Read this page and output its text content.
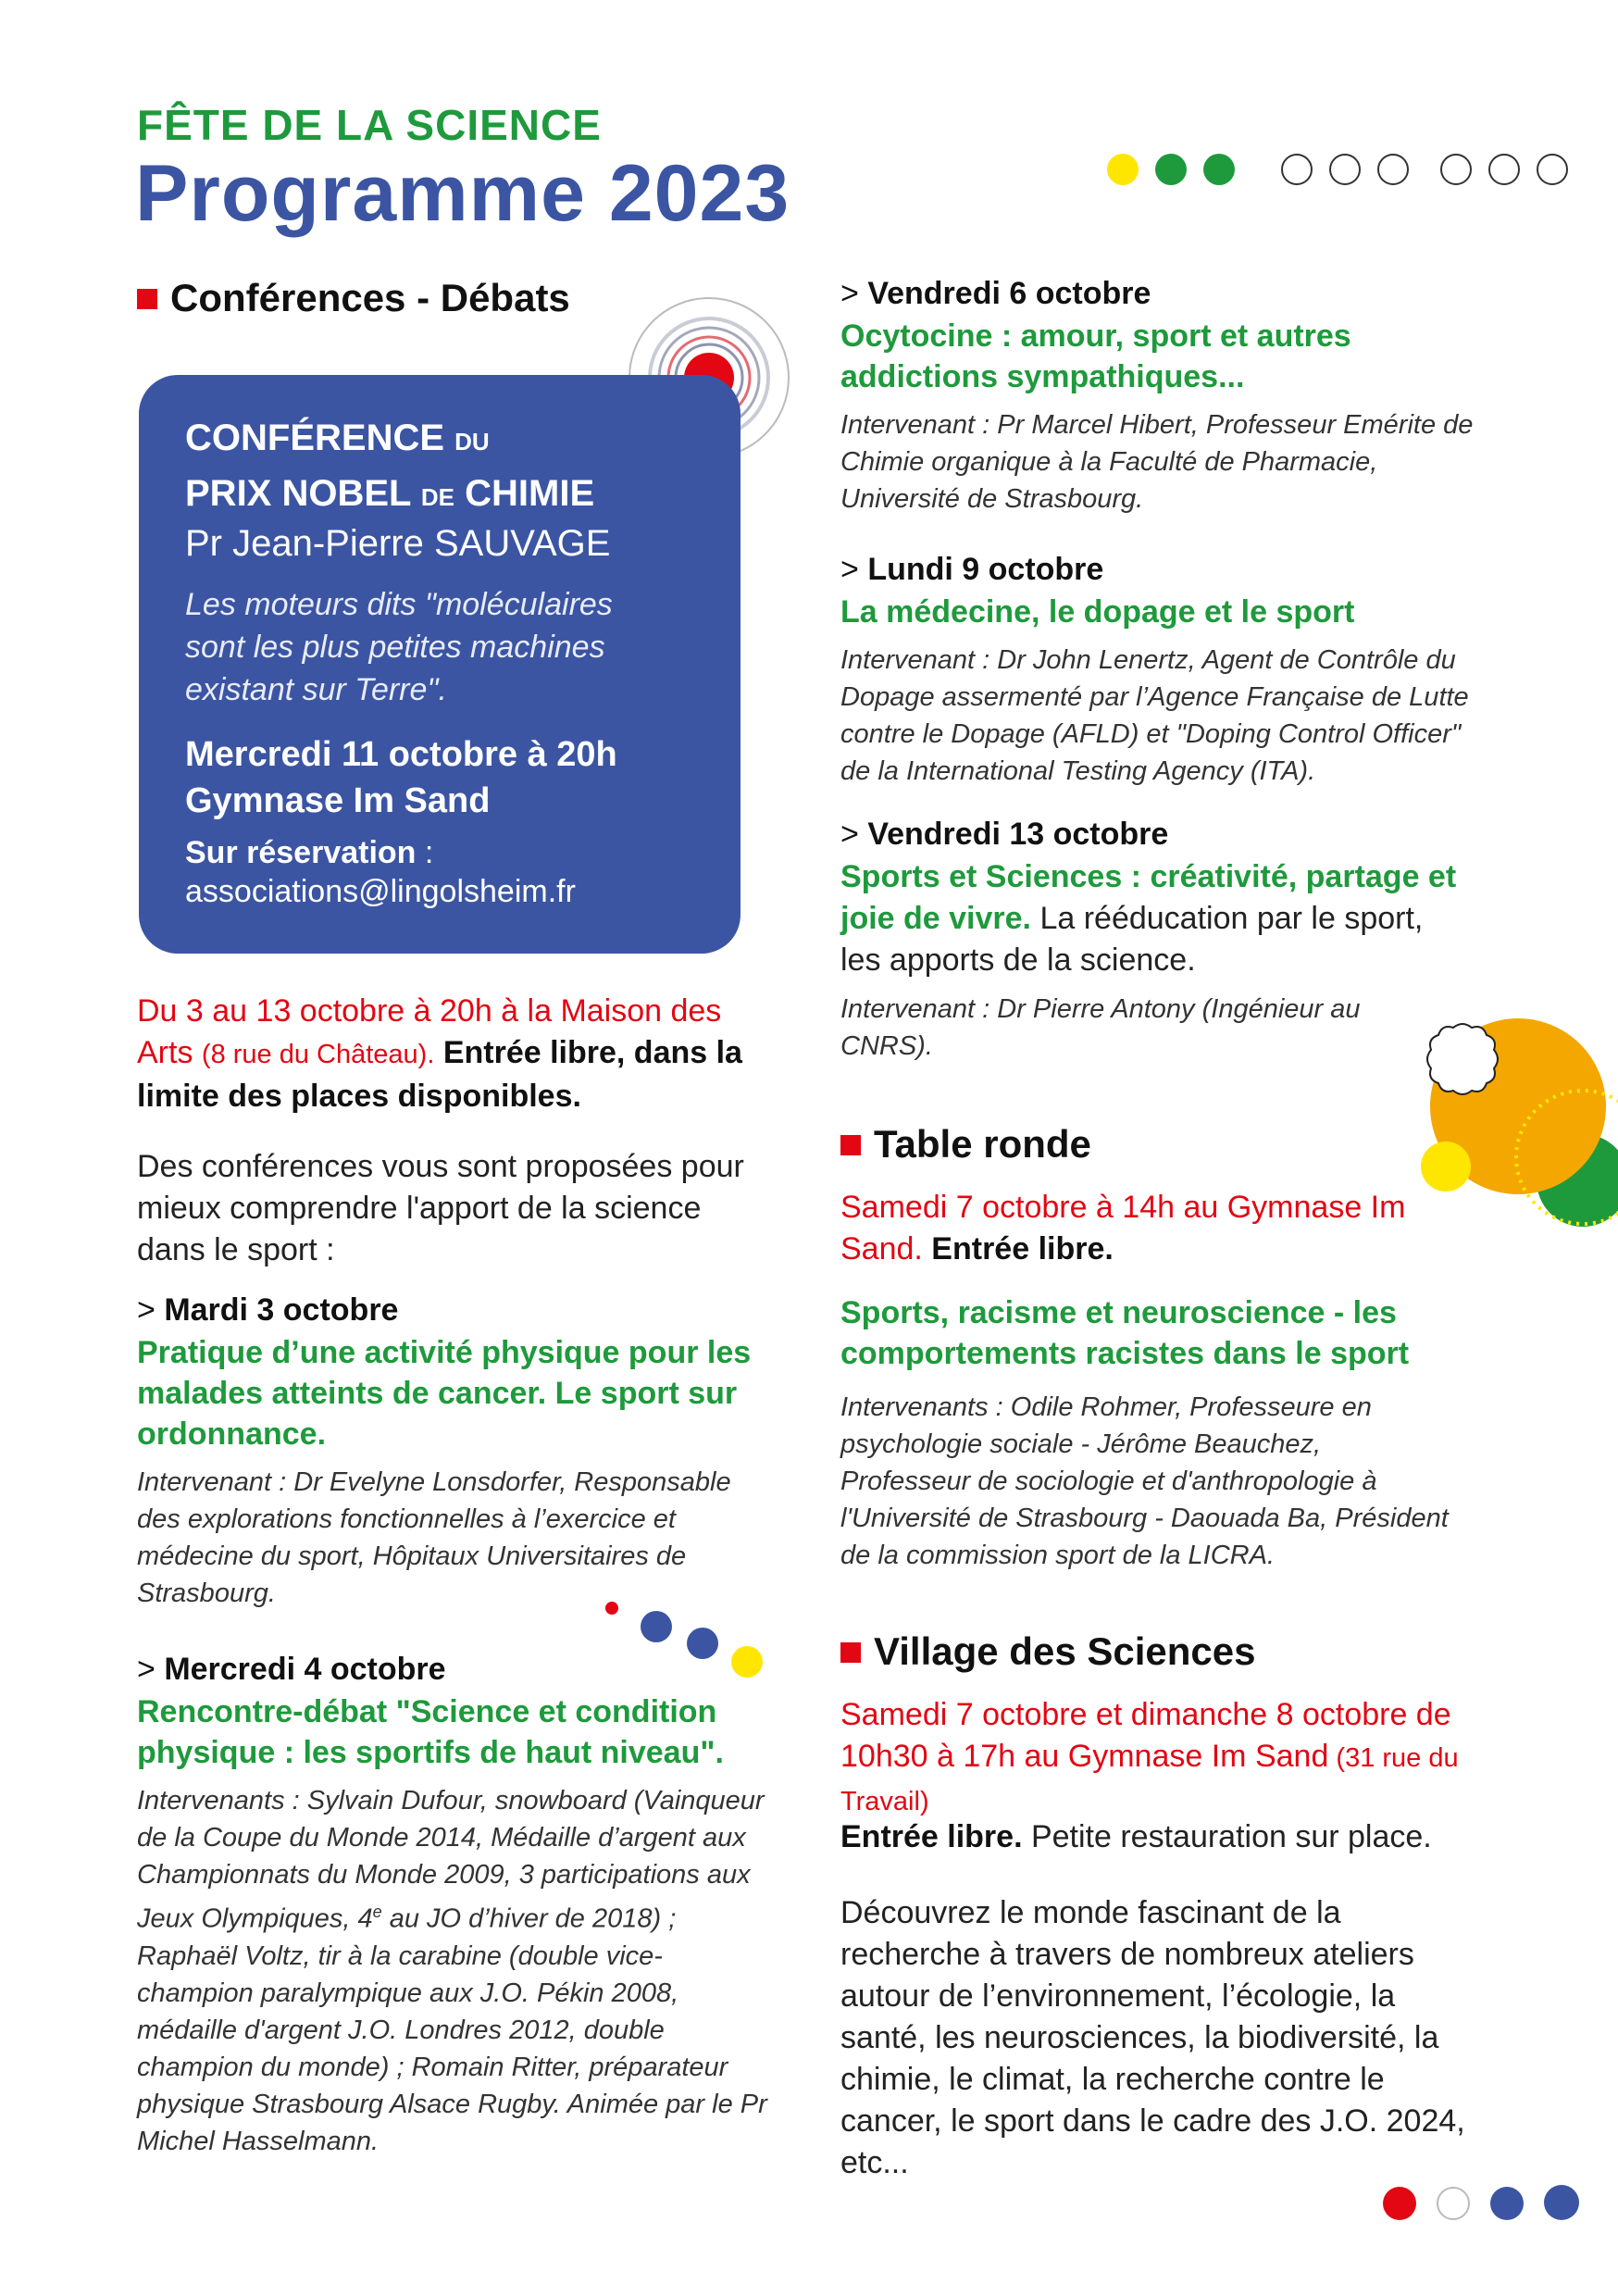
FÊTE DE LA SCIENCE
Programme 2023
Conférences - Débats
CONFÉRENCE DU
PRIX NOBEL DE CHIMIE
Pr Jean-Pierre SAUVAGE
Les moteurs dits "moléculaires sont les plus petites machines existant sur Terre".
Mercredi 11 octobre à 20h
Gymnase Im Sand
Sur réservation :
associations@lingolsheim.fr
Du 3 au 13 octobre à 20h à la Maison des Arts (8 rue du Château). Entrée libre, dans la limite des places disponibles.
Des conférences vous sont proposées pour mieux comprendre l'apport de la science dans le sport :
> Mardi 3 octobre
Pratique d’une activité physique pour les malades atteints de cancer. Le sport sur ordonnance.
Intervenant : Dr Evelyne Lonsdorfer, Responsable des explorations fonctionnelles à l’exercice et médecine du sport, Hôpitaux Universitaires de Strasbourg.
> Mercredi 4 octobre
Rencontre-débat "Science et condition physique : les sportifs de haut niveau".
Intervenants : Sylvain Dufour, snowboard (Vainqueur de la Coupe du Monde 2014, Médaille d’argent aux Championnats du Monde 2009, 3 participations aux Jeux Olympiques, 4e au JO d’hiver de 2018) ; Raphaël Voltz, tir à la carabine (double vice-champion paralympique aux J.O. Pékin 2008, médaille d'argent J.O. Londres 2012, double champion du monde) ; Romain Ritter, préparateur physique Strasbourg Alsace Rugby. Animée par le Pr Michel Hasselmann.
> Vendredi 6 octobre
Ocytocine : amour, sport et autres addictions sympathiques...
Intervenant : Pr Marcel Hibert, Professeur Emérite de Chimie organique à la Faculté de Pharmacie, Université de Strasbourg.
> Lundi 9 octobre
La médecine, le dopage et le sport
Intervenant : Dr John Lenertz, Agent de Contrôle du Dopage assermenté par l’Agence Française de Lutte contre le Dopage (AFLD) et "Doping Control Officer" de la International Testing Agency (ITA).
> Vendredi 13 octobre
Sports et Sciences : créativité, partage et joie de vivre. La rééducation par le sport, les apports de la science.
Intervenant : Dr Pierre Antony (Ingénieur au CNRS).
Table ronde
Samedi 7 octobre à 14h au Gymnase Im Sand. Entrée libre.
Sports, racisme et neuroscience - les comportements racistes dans le sport
Intervenants : Odile Rohmer, Professeure en psychologie sociale - Jérôme Beauchez, Professeur de sociologie et d'anthropologie à l'Université de Strasbourg - Daouada Ba, Président de la commission sport de la LICRA.
Village des Sciences
Samedi 7 octobre et dimanche 8 octobre de 10h30 à 17h au Gymnase Im Sand (31 rue du Travail)
Entrée libre. Petite restauration sur place.
Découvrez le monde fascinant de la recherche à travers de nombreux ateliers autour de l’environnement, l’écologie, la santé, les neurosciences, la biodiversité, la chimie, le climat, la recherche contre le cancer, le sport dans le cadre des J.O. 2024, etc...
